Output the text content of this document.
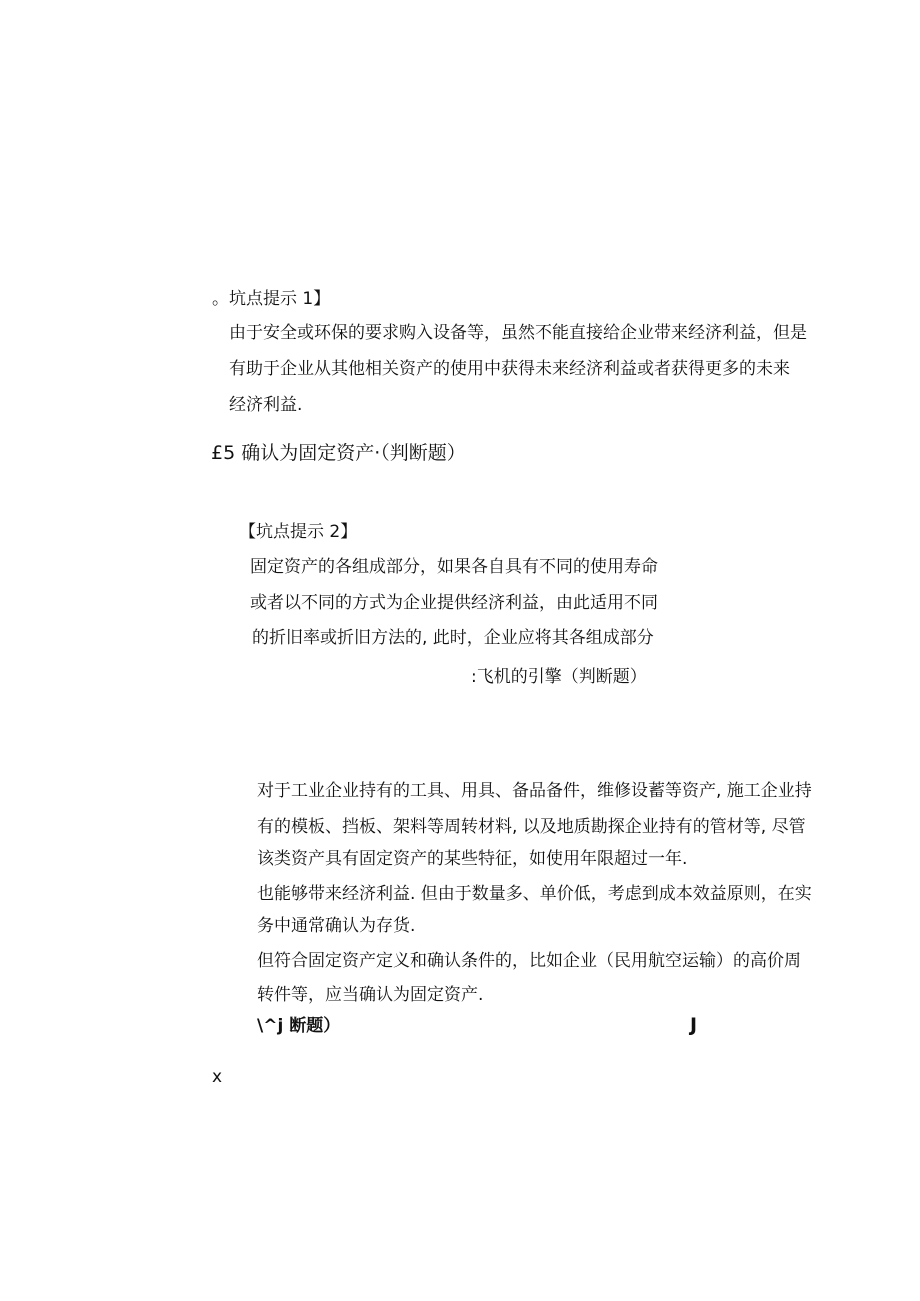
。坑点提示 1】
由于安全或环保的要求购入设备等，虽然不能直接给企业带来经济利益，但是
有助于企业从其他相关资产的使用中获得未来经济利益或者获得更多的未来
经济利益.
£5 确认为固定资产·（判断题）
【坑点提示 2】
固定资产的各组成部分，如果各自具有不同的使用寿命
或者以不同的方式为企业提供经济利益，由此适用不同
的折旧率或折旧方法的, 此时，企业应将其各组成部分
:飞机的引擎（判断题）
对于工业企业持有的工具、用具、备品备件，维修设蓄等资产, 施工企业持
有的模板、挡板、架料等周转材料, 以及地质勘探企业持有的管材等, 尽管
该类资产具有固定资产的某些特征，如使用年限超过一年.
也能够带来经济利益. 但由于数量多、单价低，考虑到成本效益原则，在实
务中通常确认为存货.
但符合固定资产定义和确认条件的，比如企业（民用航空运输）的高价周
转件等，应当确认为固定资产.
\^j 断题）	J
x
